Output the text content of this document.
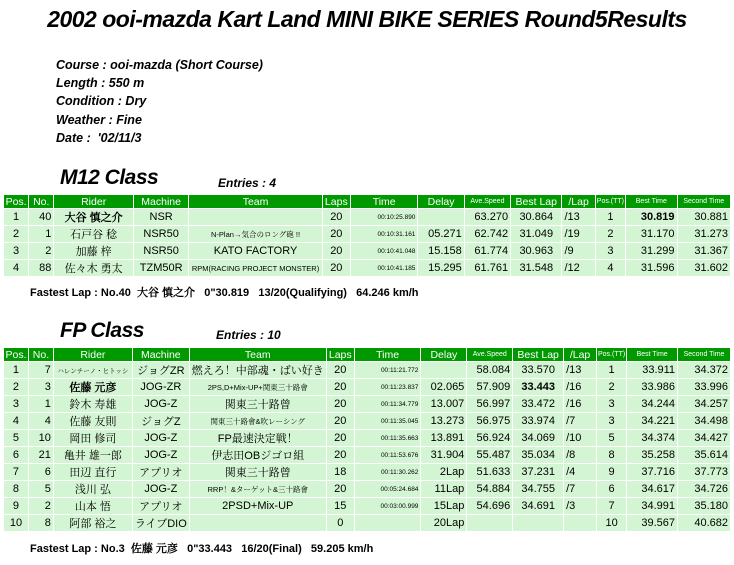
2002 ooi-mazda Kart Land MINI BIKE SERIES Round5Results
Course : ooi-mazda (Short Course)
Length : 550 m
Condition : Dry
Weather : Fine
Date :  '02/11/3
M12 Class	Entries : 4
Pos.	No.	Rider	Machine	Team	Laps	Time	Delay	Ave.Speed	Best Lap	/Lap	Pos.(TT)	Best Time	Second Time
1	40	大谷 慎之介	NSR		20	00:10:25.890		63.270	30.864	/13	1	30.819	30.881
2	1	石戸谷 稔	NSR50	N-Plan→気合のロング砲 !!	20	00:10:31.161	05.271	62.742	31.049	/19	2	31.170	31.273
3	2	加藤 梓	NSR50	KATO FACTORY	20	00:10:41.048	15.158	61.774	30.963	/9	3	31.299	31.367
4	88	佐々木 勇太	TZM50R	RPM(RACING PROJECT MONSTER)	20	00:10:41.185	15.295	61.761	31.548	/12	4	31.596	31.602
Fastest Lap : No.40  大谷 慎之介   0"30.819   13/20(Qualifying)   64.246 km/h
FP Class	Entries : 10
Pos.	No.	Rider	Machine	Team	Laps	Time	Delay	Ave.Speed	Best Lap	/Lap	Pos.(TT)	Best Time	Second Time
1	7	ハレンチーノ・ヒトッシ	ジョグZR	燃えろ！中部魂・ばい好き	20	00:11:21.772		58.084	33.570	/13	1	33.911	34.372
2	3	佐藤 元彦	JOG-ZR	2PS,D+Mix-UP+関東三十路會	20	00:11:23.837	02.065	57.909	33.443	/16	2	33.986	33.996
3	1	鈴木 寿雄	JOG-Z	関東三十路曾	20	00:11:34.779	13.007	56.997	33.472	/16	3	34.244	34.257
4	4	佐藤 友則	ジョグZ	関東三十路會&吹レーシング	20	00:11:35.045	13.273	56.975	33.974	/7	3	34.221	34.498
5	10	岡田 修司	JOG-Z	FP最速決定戦！	20	00:11:35.663	13.891	56.924	34.069	/10	5	34.374	34.427
6	21	亀井 雄一郎	JOG-Z	伊志田OBジゴロ組	20	00:11:53.676	31.904	55.487	35.034	/8	8	35.258	35.614
7	6	田辺 直行	アプリオ	関東三十路曾	18	00:11:30.262	2Lap	51.633	37.231	/4	9	37.716	37.773
8	5	浅川 弘	JOG-Z	RRP！&ターゲット&三十路會	20	00:05:24.684	11Lap	54.884	34.755	/7	6	34.617	34.726
9	2	山本 悟	アプリオ	2PSD+Mix-UP	15	00:03:00.999	15Lap	54.696	34.691	/3	7	34.991	35.180
10	8	阿部 裕之	ライブDIO		0		20Lap				10	39.567	40.682
Fastest Lap : No.3  佐藤 元彦   0"33.443   16/20(Final)   59.205 km/h
